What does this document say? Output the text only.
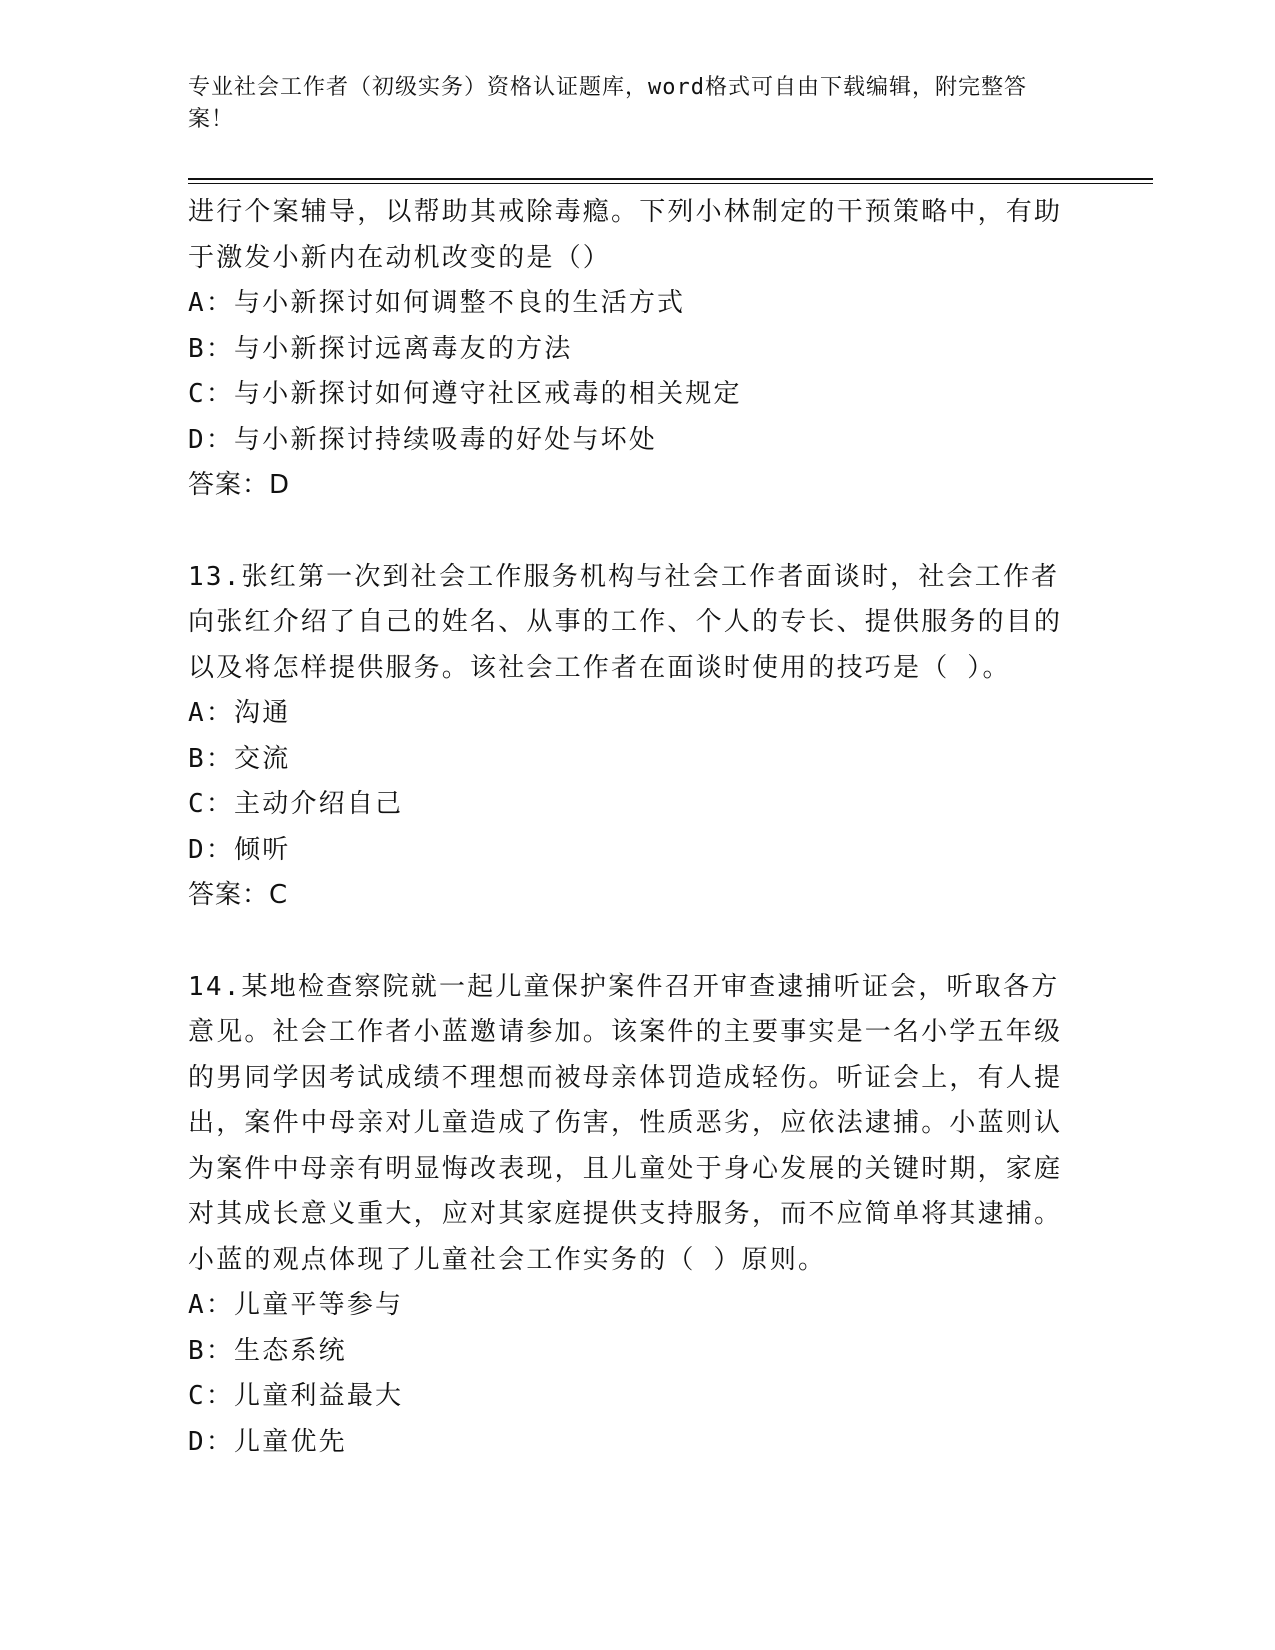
专业社会工作者（初级实务）资格认证题库，word格式可自由下载编辑，附完整答案！

进行个案辅导，以帮助其戒除毒瘾。下列小林制定的干预策略中，有助于激发小新内在动机改变的是（）

A：与小新探讨如何调整不良的生活方式
B：与小新探讨远离毒友的方法
C：与小新探讨如何遵守社区戒毒的相关规定
D：与小新探讨持续吸毒的好处与坏处
答案：D

13.张红第一次到社会工作服务机构与社会工作者面谈时，社会工作者向张红介绍了自己的姓名、从事的工作、个人的专长、提供服务的目的以及将怎样提供服务。该社会工作者在面谈时使用的技巧是（ ）。

A：沟通
B：交流
C：主动介绍自己
D：倾听
答案：C

14.某地检查察院就一起儿童保护案件召开审查逮捕听证会，听取各方意见。社会工作者小蓝邀请参加。该案件的主要事实是一名小学五年级的男同学因考试成绩不理想而被母亲体罚造成轻伤。听证会上，有人提出，案件中母亲对儿童造成了伤害，性质恶劣，应依法逮捕。小蓝则认为案件中母亲有明显悔改表现，且儿童处于身心发展的关键时期，家庭对其成长意义重大，应对其家庭提供支持服务，而不应简单将其逮捕。小蓝的观点体现了儿童社会工作实务的（ ）原则。

A：儿童平等参与
B：生态系统
C：儿童利益最大
D：儿童优先
